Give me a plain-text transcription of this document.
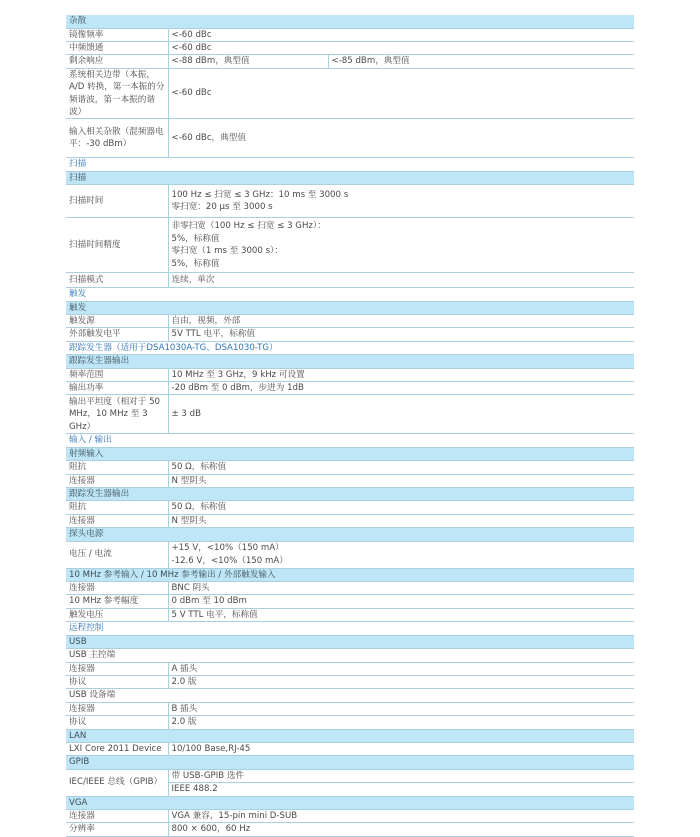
杂散		
镜像频率	<-60 dBc	
中频馈通	<-60 dBc	
剩余响应	<-88 dBm，典型值	<-85 dBm，典型值
系统相关边带（本振，A/D 转换，第一本振的分频谐波，第一本振的谐波）	<-60 dBc	
输入相关杂散（混频器电平：-30 dBm）	<-60 dBc，典型值	
扫描		
扫描		
扫描时间	100 Hz ≤ 扫宽 ≤ 3 GHz：10 ms 至 3000 s
零扫宽：20 μs 至 3000 s	

扫描时间精度	非零扫宽（100 Hz ≤ 扫宽 ≤ 3 GHz）：
5%，标称值
零扫宽（1 ms 至 3000 s）：
5%，标称值	

扫描模式	连续，单次	
触发		
触发		
触发源	自由，视频，外部	
外部触发电平	5V TTL 电平，标称值	
跟踪发生器（适用于DSA1030A-TG、DSA1030-TG）		
跟踪发生器输出		
频率范围	10 MHz 至 3 GHz，9 kHz 可设置	
输出功率	-20 dBm 至 0 dBm，步进为 1dB	
输出平坦度（相对于 50 MHz，10 MHz 至 3 GHz）	± 3 dB	
输入 / 输出		
射频输入		
阻抗	50 Ω，标称值	
连接器	N 型阴头	
跟踪发生器输出		
阻抗	50 Ω，标称值	
连接器	N 型阴头	
探头电源		
电压 / 电流	+15 V，<10%（150 mA）
-12.6 V，<10%（150 mA）	

10 MHz 参考输入 / 10 MHz 参考输出 / 外部触发输入		
连接器	BNC 阴头	
10 MHz 参考幅度	0 dBm 至 10 dBm	
触发电压	5 V TTL 电平，标称值	
远程控制		
USB		
USB 主控端		
连接器	A 插头	
协议	2.0 版	
USB 设备端		
连接器	B 插头	
协议	2.0 版	
LAN		
LXI Core 2011 Device	10/100 Base,RJ-45	
GPIB		
IEC/IEEE 总线（GPIB）	带 USB-GPIB 选件	
	IEEE 488.2	
VGA		
连接器	VGA 兼容，15-pin mini D-SUB	
分辨率	800 × 600，60 Hz	
